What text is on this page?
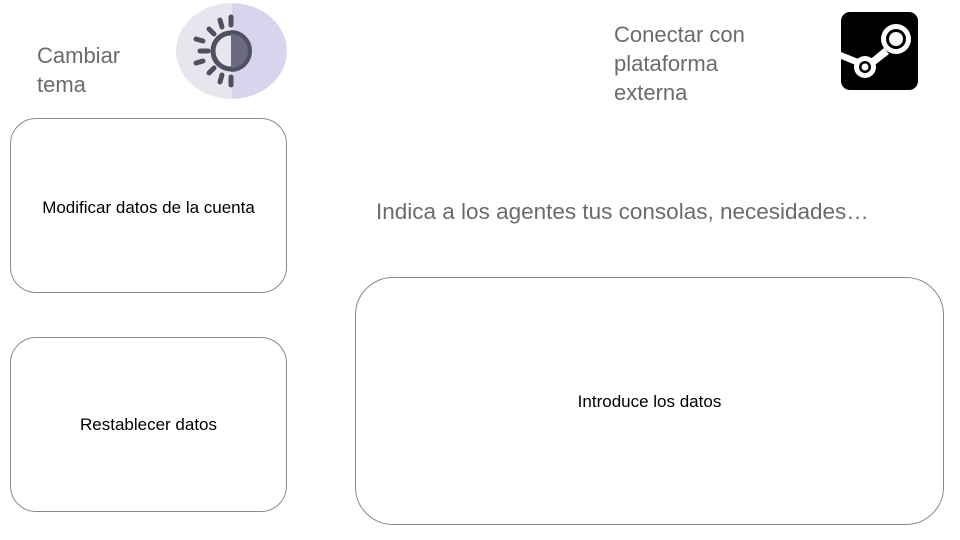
Cambiar
tema
Conectar con
plataforma
externa
Modificar datos de la cuenta
Restablecer datos
Indica a los agentes tus consolas, necesidades…
Introduce los datos
